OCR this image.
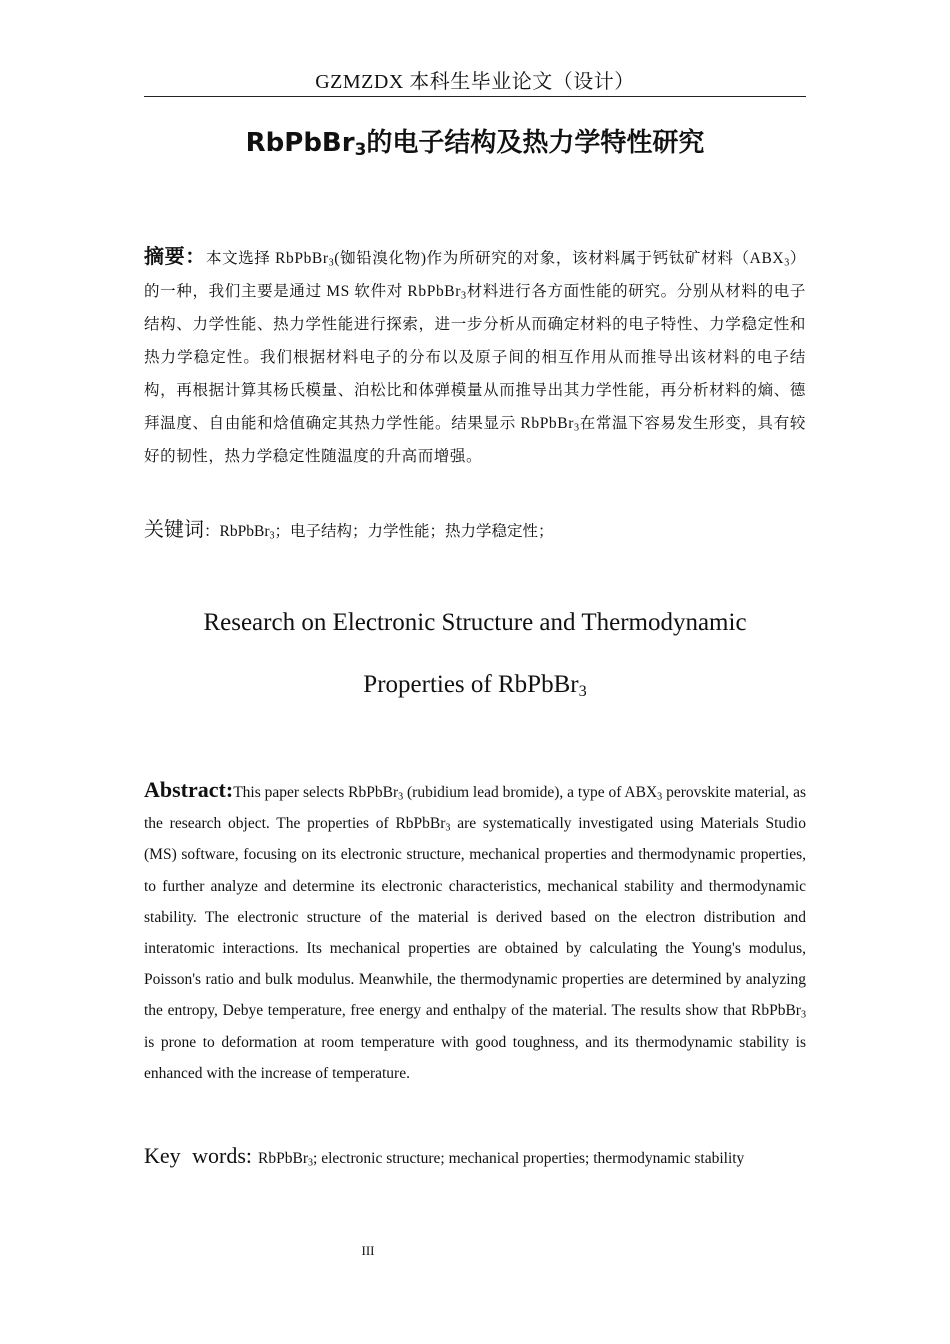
GZMZDX 本科生毕业论文（设计）
RbPbBr$_3$的电子结构及热力学特性研究
摘要：本文选择 RbPbBr$_3$(铷铅溴化物)作为所研究的对象，该材料属于钙钛矿材料$(ABX_3)$的一种，我们主要是通过 MS 软件对 RbPbBr$_3$材料进行各方面性能的研究。分别从材料的电子结构、力学性能、热力学性能进行探索，进一步分析从而确定材料的电子特性、力学稳定性和热力学稳定性。我们根据材料电子的分布以及原子间的相互作用从而推导出该材料的电子结构，再根据计算其杨氏模量、泊松比和体弹模量从而推导出其力学性能，再分析材料的熵、德拜温度、自由能和焓值确定其热力学性能。结果显示 RbPbBr$_3$在常温下容易发生形变，具有较好的韧性，热力学稳定性随温度的升高而增强。
关键词：RbPbBr$_3$；电子结构；力学性能；热力学稳定性；
Research on Electronic Structure and Thermodynamic
Properties of RbPbBr$_3$
Abstract:This paper selects RbPbBr$_3$ (rubidium lead bromide), a type of $ABX_3$ perovskite material, as the research object. The properties of RbPbBr$_3$ are systematically investigated using Materials Studio (MS) software, focusing on its electronic structure, mechanical properties and thermodynamic properties, to further analyze and determine its electronic characteristics, mechanical stability and thermodynamic stability. The electronic structure of the material is derived based on the electron distribution and interatomic interactions. Its mechanical properties are obtained by calculating the Young's modulus, Poisson's ratio and bulk modulus. Meanwhile, the thermodynamic properties are determined by analyzing the entropy, Debye temperature, free energy and enthalpy of the material. The results show that RbPbBr$_3$ is prone to deformation at room temperature with good toughness, and its thermodynamic stability is enhanced with the increase of temperature.
Key words: RbPbBr$_3$; electronic structure; mechanical properties; thermodynamic stability
III
